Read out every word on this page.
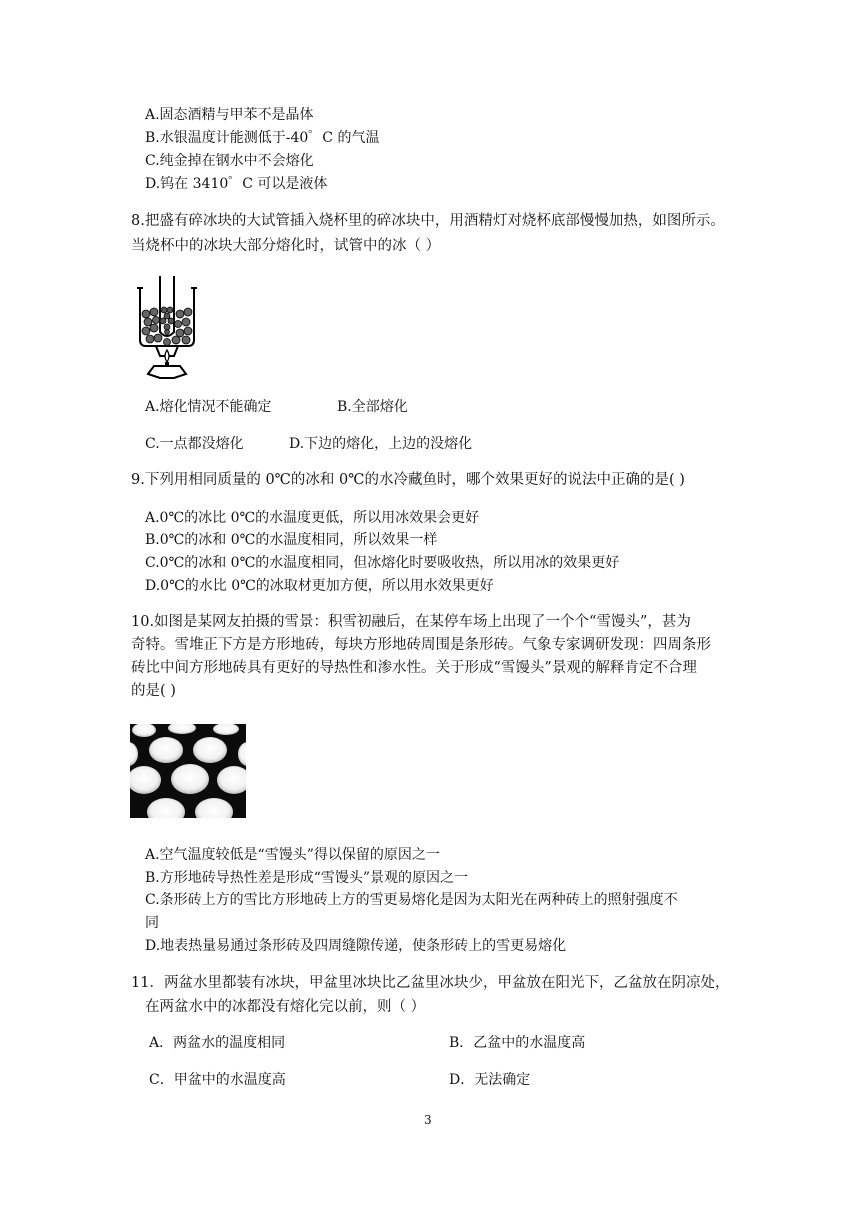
A.固态酒精与甲苯不是晶体
B.水银温度计能测低于-40゜C 的气温
C.纯金掉在钢水中不会熔化
D.钨在 3410゜C 可以是液体
8.把盛有碎冰块的大试管插入烧杯里的碎冰块中，用酒精灯对烧杯底部慢慢加热，如图所示。
当烧杯中的冰块大部分熔化时，试管中的冰（ ）
A.熔化情况不能确定	B.全部熔化
C.一点都没熔化	D.下边的熔化，上边的没熔化
9.下列用相同质量的 0℃的冰和 0℃的水冷藏鱼时，哪个效果更好的说法中正确的是( )
A.0℃的冰比 0℃的水温度更低，所以用冰效果会更好
B.0℃的冰和 0℃的水温度相同，所以效果一样
C.0℃的冰和 0℃的水温度相同，但冰熔化时要吸收热，所以用冰的效果更好
D.0℃的水比 0℃的冰取材更加方便，所以用水效果更好
10.如图是某网友拍摄的雪景：积雪初融后，在某停车场上出现了一个个“雪馒头”，甚为
奇特。雪堆正下方是方形地砖，每块方形地砖周围是条形砖。气象专家调研发现：四周条形
砖比中间方形地砖具有更好的导热性和渗水性。关于形成“雪馒头”景观的解释肯定不合理
的是( )
A.空气温度较低是“雪馒头”得以保留的原因之一
B.方形地砖导热性差是形成“雪馒头”景观的原因之一
C.条形砖上方的雪比方形地砖上方的雪更易熔化是因为太阳光在两种砖上的照射强度不
同
D.地表热量易通过条形砖及四周缝隙传递，使条形砖上的雪更易熔化
11．两盆水里都装有冰块，甲盆里冰块比乙盆里冰块少，甲盆放在阳光下，乙盆放在阴凉处，
在两盆水中的冰都没有熔化完以前，则（ ）
A．两盆水的温度相同	B．乙盆中的水温度高
C．甲盆中的水温度高	D．无法确定
3
